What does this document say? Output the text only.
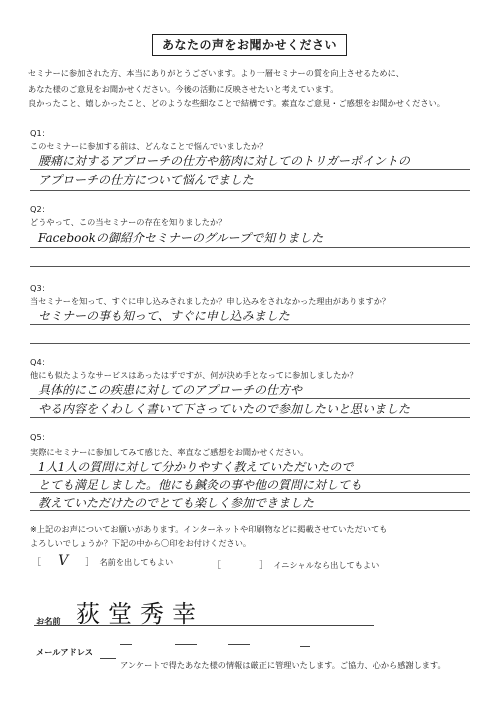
あなたの声をお聞かせください
セミナーに参加された方、本当にありがとうございます。より一層セミナーの質を向上させるために、
あなた様のご意見をお聞かせください。今後の活動に反映させたいと考えています。
良かったこと、嬉しかったこと、どのような些細なことで結構です。素直なご意見・ご感想をお聞かせください。
Q1：
このセミナーに参加する前は、どんなことで悩んでいましたか？
腰痛に対するアプローチの仕方や筋肉に対してのトリガーポイントの
アプローチの仕方について悩んでました
Q2：
どうやって、この当セミナーの存在を知りましたか？
Facebookの御紹介セミナーのグループで知りました
Q3：
当セミナーを知って、すぐに申し込みされましたか？申し込みをされなかった理由がありますか？
セミナーの事も知って、すぐに申し込みました
Q4：
他にも似たようなサービスはあったはずですが、何が決め手となってに参加しましたか？
具体的にこの疾患に対してのアプローチの仕方や
やる内容をくわしく書いて下さっていたので参加したいと思いました
Q5：
実際にセミナーに参加してみて感じた、率直なご感想をお聞かせください。
1人1人の質問に対して分かりやすく教えていただいたので
とても満足しました。他にも鍼灸の事や他の質問に対しても
教えていただけたのでとても楽しく参加できました
※上記のお声についてお願いがあります。インターネットや印刷物などに掲載させていただいても
よろしいでしょうか？下記の中から〇印をお付けください。
［ V ］ 名前を出してもよい	［	］ イニシャルなら出してもよい
お名前 荻堂秀幸
メールアドレス
アンケートで得たあなた様の情報は厳正に管理いたします。ご協力、心から感謝します。
